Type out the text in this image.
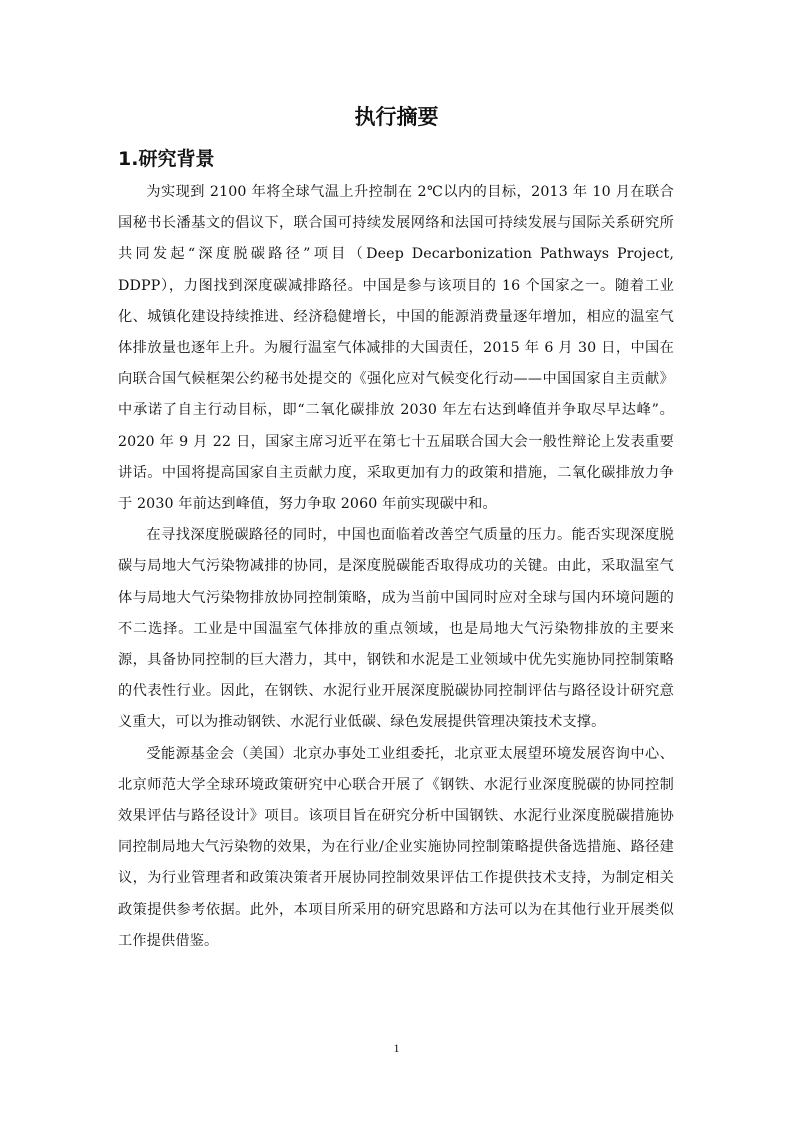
执行摘要
1.研究背景

为实现到 2100 年将全球气温上升控制在 2℃以内的目标，2013 年 10 月在联合国秘书长潘基文的倡议下，联合国可持续发展网络和法国可持续发展与国际关系研究所共同发起“深度脱碳路径”项目（Deep Decarbonization Pathways Project, DDPP），力图找到深度碳减排路径。中国是参与该项目的 16 个国家之一。随着工业化、城镇化建设持续推进、经济稳健增长，中国的能源消费量逐年增加，相应的温室气体排放量也逐年上升。为履行温室气体减排的大国责任，2015 年 6 月 30 日，中国在向联合国气候框架公约秘书处提交的《强化应对气候变化行动——中国国家自主贡献》中承诺了自主行动目标，即“二氧化碳排放 2030 年左右达到峰值并争取尽早达峰”。2020 年 9 月 22 日，国家主席习近平在第七十五届联合国大会一般性辩论上发表重要讲话。中国将提高国家自主贡献力度，采取更加有力的政策和措施，二氧化碳排放力争于 2030 年前达到峰值，努力争取 2060 年前实现碳中和。

在寻找深度脱碳路径的同时，中国也面临着改善空气质量的压力。能否实现深度脱碳与局地大气污染物减排的协同，是深度脱碳能否取得成功的关键。由此，采取温室气体与局地大气污染物排放协同控制策略，成为当前中国同时应对全球与国内环境问题的不二选择。工业是中国温室气体排放的重点领域，也是局地大气污染物排放的主要来源，具备协同控制的巨大潜力，其中，钢铁和水泥是工业领域中优先实施协同控制策略的代表性行业。因此，在钢铁、水泥行业开展深度脱碳协同控制评估与路径设计研究意义重大，可以为推动钢铁、水泥行业低碳、绿色发展提供管理决策技术支撑。

受能源基金会（美国）北京办事处工业组委托，北京亚太展望环境发展咨询中心、北京师范大学全球环境政策研究中心联合开展了《钢铁、水泥行业深度脱碳的协同控制效果评估与路径设计》项目。该项目旨在研究分析中国钢铁、水泥行业深度脱碳措施协同控制局地大气污染物的效果，为在行业/企业实施协同控制策略提供备选措施、路径建议，为行业管理者和政策决策者开展协同控制效果评估工作提供技术支持，为制定相关政策提供参考依据。此外，本项目所采用的研究思路和方法可以为在其他行业开展类似工作提供借鉴。

1
